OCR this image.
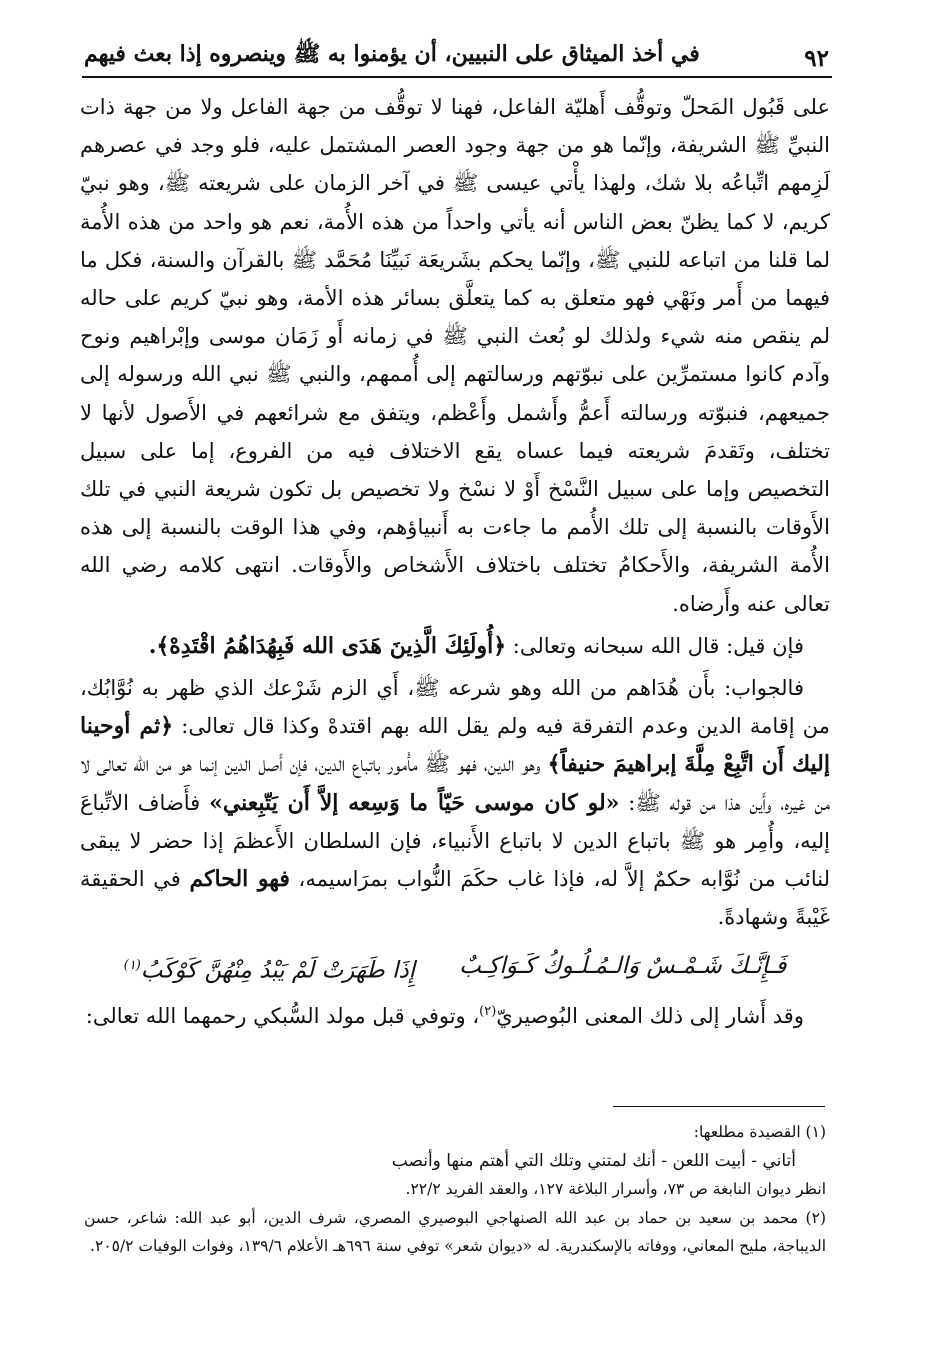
٩٢
في أخذ الميثاق على النبيين، أن يؤمنوا به ﷺ وينصروه إذا بعث فيهم

على قَبُول المَحلّ وتوقُّف أَهليّة الفاعل، فهنا لا توقُّف من جهة الفاعل ولا من جهة ذات النبيِّ ﷺ الشريفة، وإنّما هو من جهة وجود العصر المشتمل عليه، فلو وجد في عصرهم لَزِمهم اتِّباعُه بلا شك، ولهذا يأْتي عيسى ﷺ في آخر الزمان على شريعته ﷺ، وهو نبيّ كريم، لا كما يظنّ بعض الناس أنه يأتي واحداً من هذه الأُمة، نعم هو واحد من هذه الأُمة لما قلنا من اتباعه للنبي ﷺ، وإنّما يحكم بشَريعَة نَبيِّنَا مُحَمَّد ﷺ بالقرآن والسنة، فكل ما فيهما من أَمر ونَهْي فهو متعلق به كما يتعلَّق بسائر هذه الأمة، وهو نبيّ كريم على حاله لم ينقص منه شيء ولذلك لو بُعث النبي ﷺ في زمانه أَو زَمَان موسى وإبْراهيم ونوح وآدم كانوا مستمرِّين على نبوّتهم ورسالتهم إلى أُممهم، والنبي ﷺ نبي الله ورسوله إلى جميعهم، فنبوّته ورسالته أَعمُّ وأَشمل وأَعْظم، ويتفق مع شرائعهم في الأَصول لأنها لا تختلف، وتَقدمَ شريعته فيما عساه يقع الاختلاف فيه من الفروع، إما على سبيل التخصيص وإما على سبيل النَّسْخ أَوْ لا نسْخ ولا تخصيص بل تكون شريعة النبي في تلك الأَوقات بالنسبة إلى تلك الأُمم ما جاءت به أَنبياؤهم، وفي هذا الوقت بالنسبة إلى هذه الأُمة الشريفة، والأَحكامُ تختلف باختلاف الأَشخاص والأَوقات. انتهى كلامه رضي الله تعالى عنه وأَرضاه.

فإن قيل: قال الله سبحانه وتعالى: ﴿أُولَئِكَ الَّذِينَ هَدَى الله فَبِهُدَاهُمُ اقْتَدِهْ﴾.

فالجواب: بأَن هُدَاهم من الله وهو شرعه ﷺ، أَي الزم شَرْعك الذي ظهر به نُوَّابُك، من إقامة الدين وعدم التفرقة فيه ولم يقل الله بهم اقتدهْ وكذا قال تعالى: ﴿ثم أوحينا إليك أَن اتَّبِعْ مِلَّةَ إبراهيمَ حنيفاً﴾ وهو الدين، فهو ﷺ مأْمور باتباع الدين، فإن أَصل الدين إنما هو من الله تعالى لا من غيره، وأَين هذا من قوله ﷺ: «لو كان موسى حَيّاً ما وَسِعه إلاَّ أَن يَتّبِعني» فأَضاف الاتِّباعَ إليه، وأُمِر هو ﷺ باتباع الدين لا باتباع الأَنبياء، فإن السلطان الأَعظمَ إذا حضر لا يبقى لنائب من نُوَّابه حكمٌ إلاَّ له، فإذا غاب حكَمَ النُّواب بمرَاسيمه، فهو الحاكم في الحقيقة غَيْبةً وشهادةً.

فَـإِنَّـكَ شَـمْـسٌ وَالـمُـلُـوكُ كَـوَاكِـبٌ
إِذَا طَهَرَتْ لَمْ يَبْدُ مِنْهُنَّ كَوْكَبُ$^{(١)}$

وقد أَشار إلى ذلك المعنى البُوصيريّ$^{(٢)}$، وتوفي قبل مولد السُّبكي رحمهما الله تعالى:

(١) القصيدة مطلعها:

أتاني - أبيت اللعن - أنك لمتني وتلك التي أهتم منها وأنصب

انظر ديوان النابغة ص ٧٣، وأسرار البلاغة ١٢٧، والعقد الفريد ٢٢/٢.

(٢) محمد بن سعيد بن حماد بن عبد الله الصنهاجي البوصيري المصري، شرف الدين، أبو عبد الله: شاعر، حسن الديباجة، مليح المعاني، ووفاته بالإسكندرية. له «ديوان شعر» توفي سنة ٦٩٦هـ الأعلام ١٣٩/٦، وفوات الوفيات ٢٠٥/٢.
